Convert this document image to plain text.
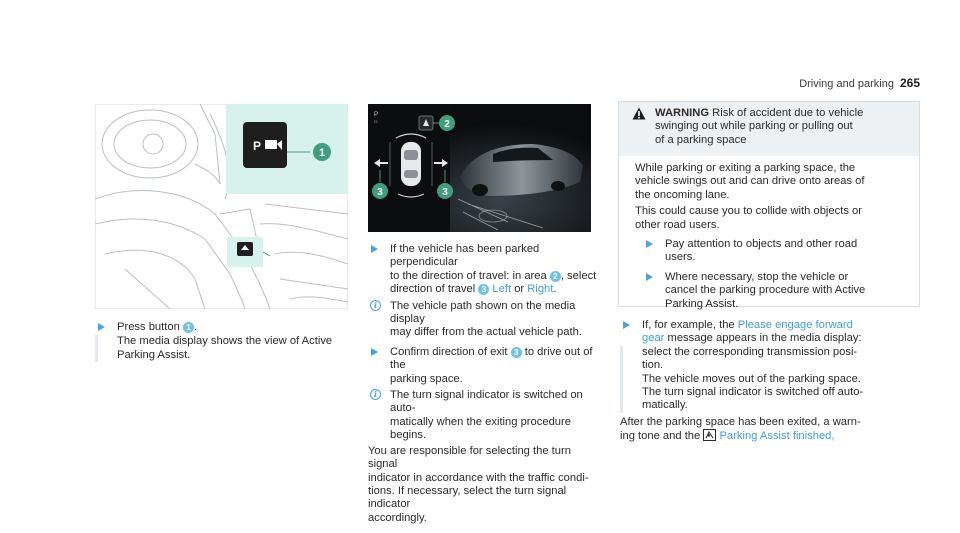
Driving and parking 265
P	1
Press button 1 .
The media display shows the view of Active
Parking Assist.
P
rs	2
3	3
If the vehicle has been parked perpendicular
to the direction of travel: in area 2 , select
direction of travel 3 Left or Right.
i	The vehicle path shown on the media display
may differ from the actual vehicle path.
Confirm direction of exit 3 to drive out of the
parking space.
i	The turn signal indicator is switched on auto-
matically when the exiting procedure begins.
You are responsible for selecting the turn signal
indicator in accordance with the traffic condi-
tions. If necessary, select the turn signal indicator
accordingly.
WARNING Risk of accident due to vehicle
swinging out while parking or pulling out
of a parking space

While parking or exiting a parking space, the
vehicle swings out and can drive onto areas of
the oncoming lane.

This could cause you to collide with objects or
other road users.

Pay attention to objects and other road
users.
Where necessary, stop the vehicle or
cancel the parking procedure with Active
Parking Assist.
If, for example, the Please engage forward
gear message appears in the media display:
select the corresponding transmission posi-
tion.
The vehicle moves out of the parking space.
The turn signal indicator is switched off auto-
matically.
After the parking space has been exited, a warn-
ing tone and the  Parking Assist finished,
